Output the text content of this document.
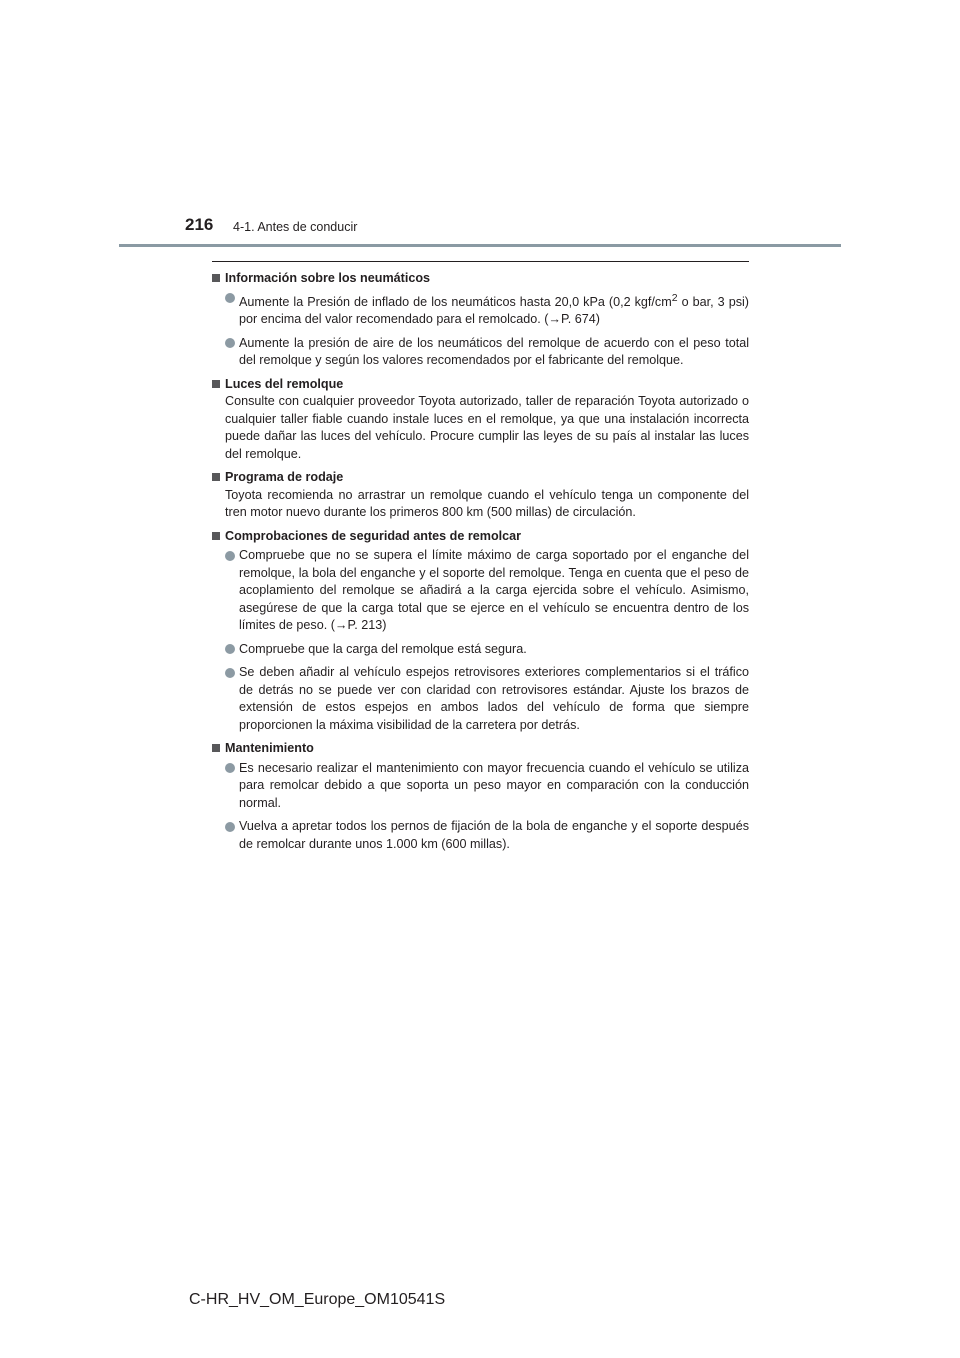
216 4-1. Antes de conducir
Información sobre los neumáticos
Aumente la Presión de inflado de los neumáticos hasta 20,0 kPa (0,2 kgf/$cm^2$ o bar, 3 psi) por encima del valor recomendado para el remolcado. (→P. 674)
Aumente la presión de aire de los neumáticos del remolque de acuerdo con el peso total del remolque y según los valores recomendados por el fabricante del remolque.
Luces del remolque
Consulte con cualquier proveedor Toyota autorizado, taller de reparación Toyota autorizado o cualquier taller fiable cuando instale luces en el remolque, ya que una instalación incorrecta puede dañar las luces del vehículo. Procure cumplir las leyes de su país al instalar las luces del remolque.
Programa de rodaje
Toyota recomienda no arrastrar un remolque cuando el vehículo tenga un componente del tren motor nuevo durante los primeros 800 km (500 millas) de circulación.
Comprobaciones de seguridad antes de remolcar
Compruebe que no se supera el límite máximo de carga soportado por el enganche del remolque, la bola del enganche y el soporte del remolque. Tenga en cuenta que el peso de acoplamiento del remolque se añadirá a la carga ejercida sobre el vehículo. Asimismo, asegúrese de que la carga total que se ejerce en el vehículo se encuentra dentro de los límites de peso. (→P. 213)
Compruebe que la carga del remolque está segura.
Se deben añadir al vehículo espejos retrovisores exteriores complementarios si el tráfico de detrás no se puede ver con claridad con retrovisores estándar. Ajuste los brazos de extensión de estos espejos en ambos lados del vehículo de forma que siempre proporcionen la máxima visibilidad de la carretera por detrás.
Mantenimiento
Es necesario realizar el mantenimiento con mayor frecuencia cuando el vehículo se utiliza para remolcar debido a que soporta un peso mayor en comparación con la conducción normal.
Vuelva a apretar todos los pernos de fijación de la bola de enganche y el soporte después de remolcar durante unos 1.000 km (600 millas).
C-HR_HV_OM_Europe_OM10541S
